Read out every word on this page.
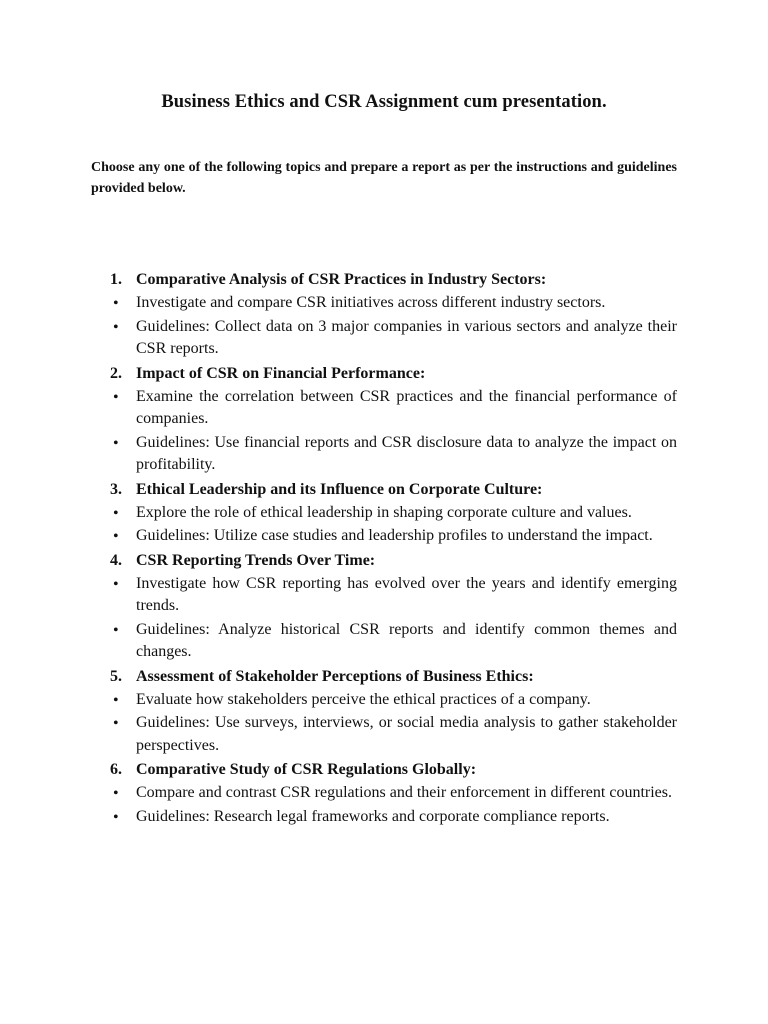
Business Ethics and CSR Assignment cum presentation.
Choose any one of the following topics and prepare a report as per the instructions and guidelines provided below.
1. Comparative Analysis of CSR Practices in Industry Sectors:
• Investigate and compare CSR initiatives across different industry sectors.
• Guidelines: Collect data on 3 major companies in various sectors and analyze their CSR reports.
2. Impact of CSR on Financial Performance:
• Examine the correlation between CSR practices and the financial performance of companies.
• Guidelines: Use financial reports and CSR disclosure data to analyze the impact on profitability.
3. Ethical Leadership and its Influence on Corporate Culture:
• Explore the role of ethical leadership in shaping corporate culture and values.
• Guidelines: Utilize case studies and leadership profiles to understand the impact.
4. CSR Reporting Trends Over Time:
• Investigate how CSR reporting has evolved over the years and identify emerging trends.
• Guidelines: Analyze historical CSR reports and identify common themes and changes.
5. Assessment of Stakeholder Perceptions of Business Ethics:
• Evaluate how stakeholders perceive the ethical practices of a company.
• Guidelines: Use surveys, interviews, or social media analysis to gather stakeholder perspectives.
6. Comparative Study of CSR Regulations Globally:
• Compare and contrast CSR regulations and their enforcement in different countries.
• Guidelines: Research legal frameworks and corporate compliance reports.
